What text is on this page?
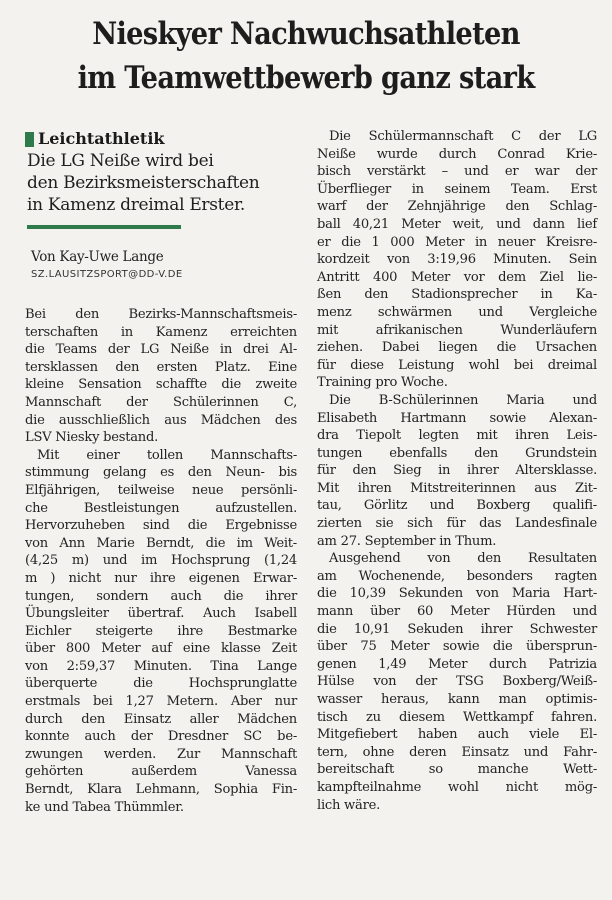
Nieskyer Nachwuchsathleten
im Teamwettbewerb ganz stark
Leichtathletik
Die LG Neiße wird bei
den Bezirksmeisterschaften
in Kamenz dreimal Erster.
Von Kay-Uwe Lange
SZ.LAUSITZSPORT@DD-V.DE
Bei den Bezirks-Mannschaftsmeis-
terschaften in Kamenz erreichten
die Teams der LG Neiße in drei Al-
tersklassen den ersten Platz. Eine
kleine Sensation schaffte die zweite
Mannschaft der Schülerinnen C,
die ausschließlich aus Mädchen des
LSV Niesky bestand.
Mit einer tollen Mannschafts-
stimmung gelang es den Neun- bis
Elfjährigen, teilweise neue persönli-
che Bestleistungen aufzustellen.
Hervorzuheben sind die Ergebnisse
von Ann Marie Berndt, die im Weit-
(4,25 m) und im Hochsprung (1,24
m ) nicht nur ihre eigenen Erwar-
tungen, sondern auch die ihrer
Übungsleiter übertraf. Auch Isabell
Eichler steigerte ihre Bestmarke
über 800 Meter auf eine klasse Zeit
von 2:59,37 Minuten. Tina Lange
überquerte die Hochsprunglatte
erstmals bei 1,27 Metern. Aber nur
durch den Einsatz aller Mädchen
konnte auch der Dresdner SC be-
zwungen werden. Zur Mannschaft
gehörten außerdem Vanessa
Berndt, Klara Lehmann, Sophia Fin-
ke und Tabea Thümmler.
Die Schülermannschaft C der LG
Neiße wurde durch Conrad Krie-
bisch verstärkt – und er war der
Überflieger in seinem Team. Erst
warf der Zehnjährige den Schlag-
ball 40,21 Meter weit, und dann lief
er die 1 000 Meter in neuer Kreisre-
kordzeit von 3:19,96 Minuten. Sein
Antritt 400 Meter vor dem Ziel lie-
ßen den Stadionsprecher in Ka-
menz schwärmen und Vergleiche
mit afrikanischen Wunderläufern
ziehen. Dabei liegen die Ursachen
für diese Leistung wohl bei dreimal
Training pro Woche.
Die B-Schülerinnen Maria und
Elisabeth Hartmann sowie Alexan-
dra Tiepolt legten mit ihren Leis-
tungen ebenfalls den Grundstein
für den Sieg in ihrer Altersklasse.
Mit ihren Mitstreiterinnen aus Zit-
tau, Görlitz und Boxberg qualifi-
zierten sie sich für das Landesfinale
am 27. September in Thum.
Ausgehend von den Resultaten
am Wochenende, besonders ragten
die 10,39 Sekunden von Maria Hart-
mann über 60 Meter Hürden und
die 10,91 Sekuden ihrer Schwester
über 75 Meter sowie die übersprun-
genen 1,49 Meter durch Patrizia
Hülse von der TSG Boxberg/Weiß-
wasser heraus, kann man optimis-
tisch zu diesem Wettkampf fahren.
Mitgefiebert haben auch viele El-
tern, ohne deren Einsatz und Fahr-
bereitschaft so manche Wett-
kampfteilnahme wohl nicht mög-
lich wäre.
